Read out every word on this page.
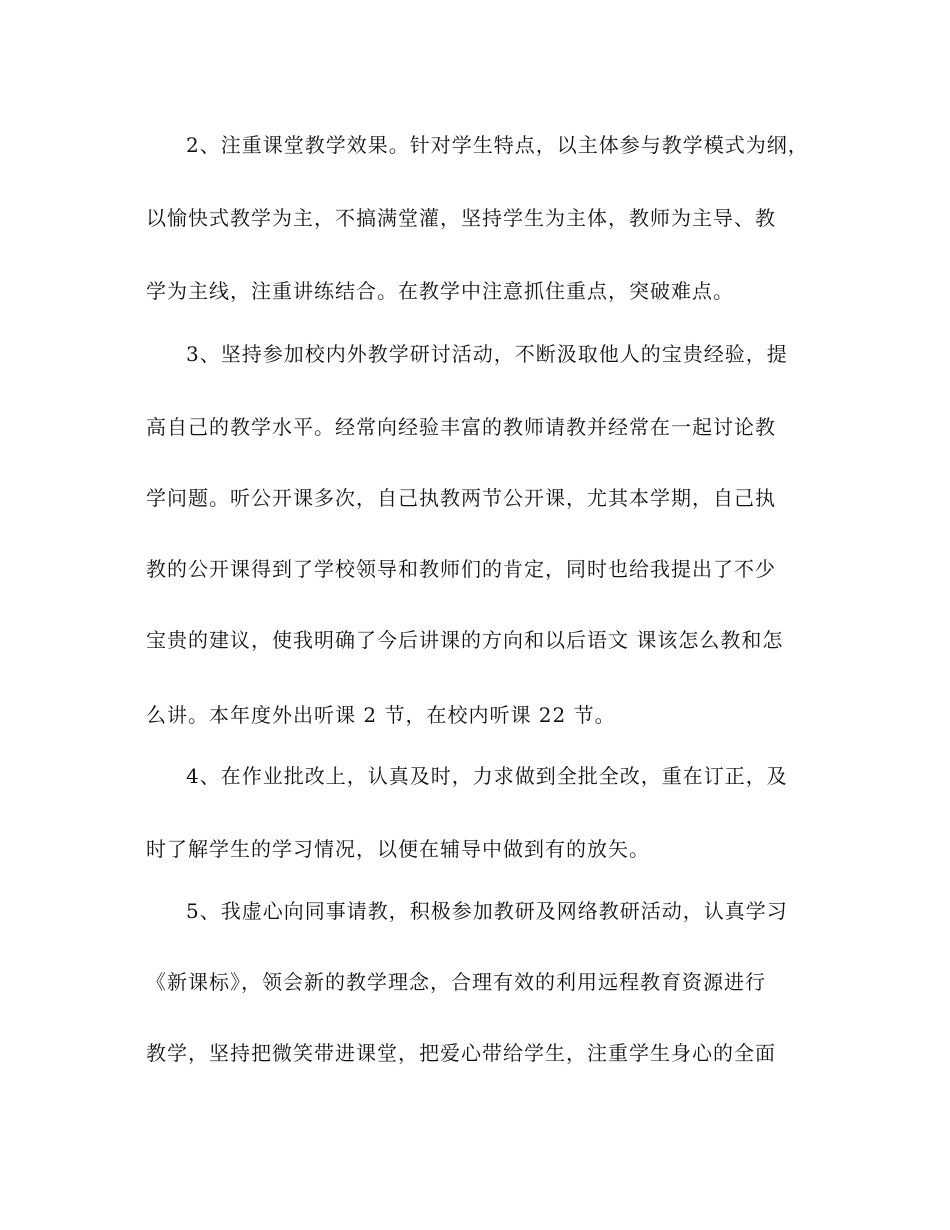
2、注重课堂教学效果。针对学生特点，以主体参与教学模式为纲，
以愉快式教学为主，不搞满堂灌，坚持学生为主体，教师为主导、教
学为主线，注重讲练结合。在教学中注意抓住重点，突破难点。
3、坚持参加校内外教学研讨活动，不断汲取他人的宝贵经验，提
高自己的教学水平。经常向经验丰富的教师请教并经常在一起讨论教
学问题。听公开课多次，自己执教两节公开课，尤其本学期，自己执
教的公开课得到了学校领导和教师们的肯定，同时也给我提出了不少
宝贵的建议，使我明确了今后讲课的方向和以后语文 课该怎么教和怎
么讲。本年度外出听课 2 节，在校内听课 22 节。
4、在作业批改上，认真及时，力求做到全批全改，重在订正，及
时了解学生的学习情况，以便在辅导中做到有的放矢。
5、我虚心向同事请教，积极参加教研及网络教研活动，认真学习
《新课标》，领会新的教学理念，合理有效的利用远程教育资源进行
教学，坚持把微笑带进课堂，把爱心带给学生，注重学生身心的全面
